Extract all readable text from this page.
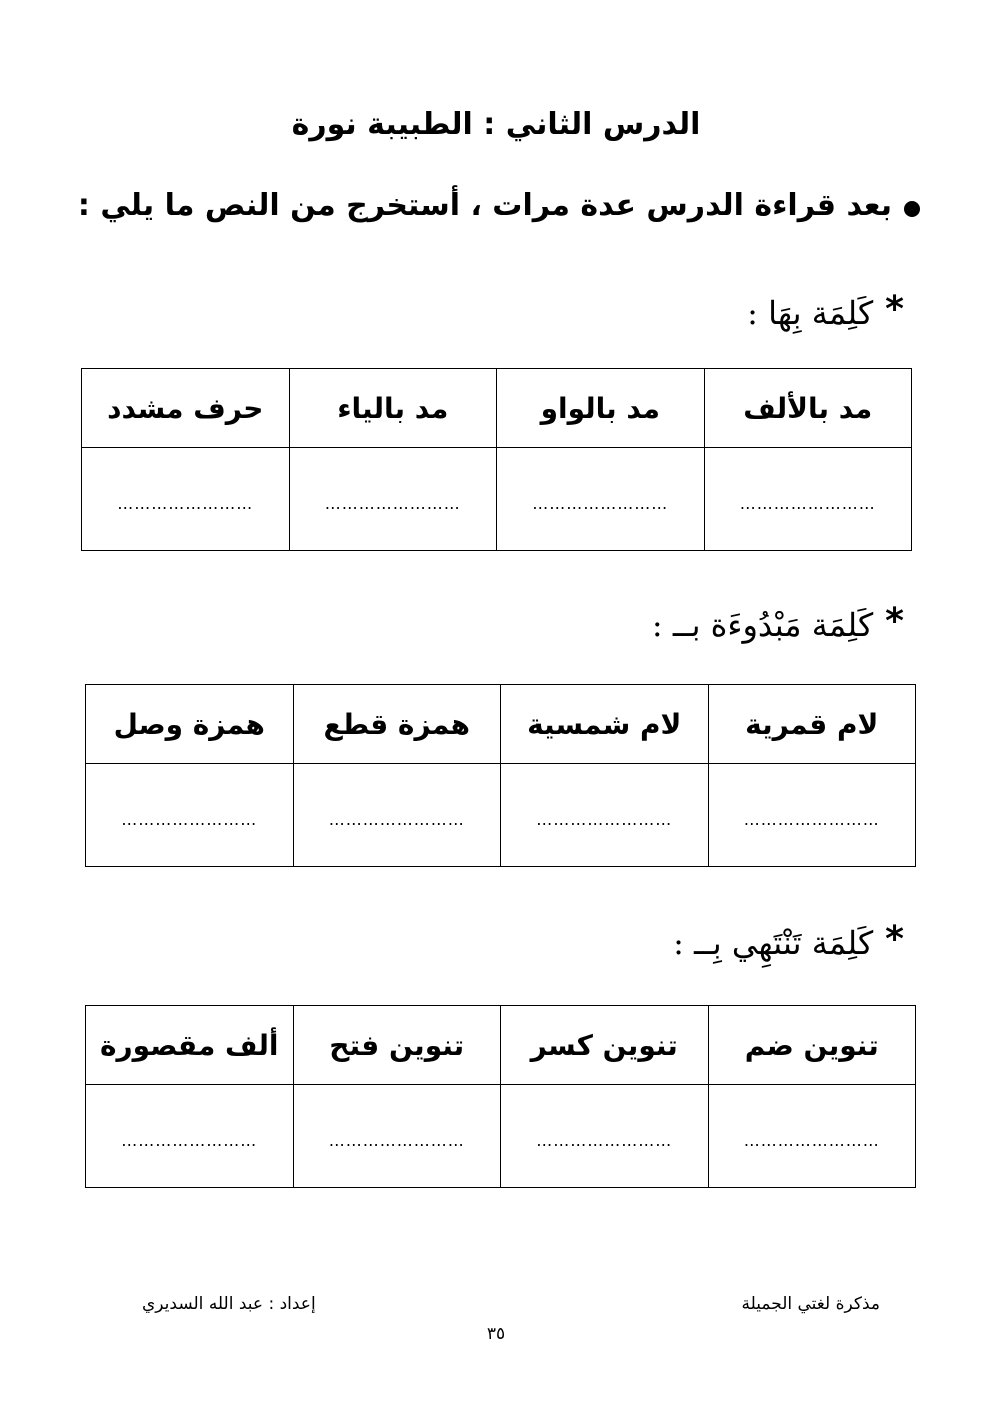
الدرس الثاني : الطبيبة نورة
بعد قراءة الدرس عدة مرات ، أستخرج من النص ما يلي :
*
كَلِمَة بِهَا :
مد بالألف	مد بالواو	مد بالياء	حرف مشدد
……………………	……………………	……………………	……………………
*
كَلِمَة مَبْدُوءَة بــ :
لام قمرية	لام شمسية	همزة قطع	همزة وصل
……………………	……………………	……………………	……………………
*
كَلِمَة تَنْتَهِي بِــ :
تنوين ضم	تنوين كسر	تنوين فتح	ألف مقصورة
……………………	……………………	……………………	……………………
مذكرة لغتي الجميلة
إعداد : عبد الله السديري
٣٥
